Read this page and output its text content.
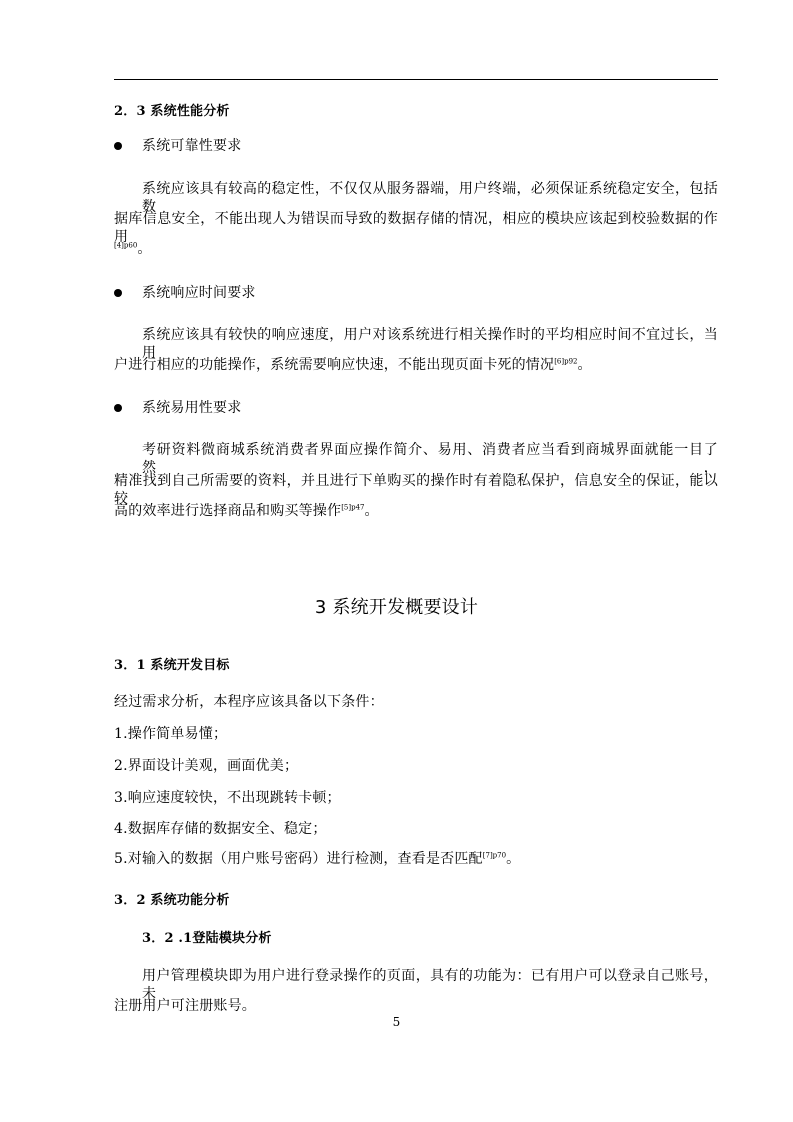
2．3 系统性能分析
系统可靠性要求
系统应该具有较高的稳定性，不仅仅从服务器端，用户终端，必须保证系统稳定安全，包括数
据库信息安全，不能出现人为错误而导致的数据存储的情况，相应的模块应该起到校验数据的作用
$^{[4]p60}$。
系统响应时间要求
系统应该具有较快的响应速度，用户对该系统进行相关操作时的平均相应时间不宜过长，当用
户进行相应的功能操作，系统需要响应快速，不能出现页面卡死的情况$^{[6]p92}$。
系统易用性要求
考研资料微商城系统消费者界面应操作简介、易用、消费者应当看到商城界面就能一目了然，
精准找到自己所需要的资料，并且进行下单购买的操作时有着隐私保护，信息安全的保证，能以较
高的效率进行选择商品和购买等操作$^{[5]p47}$。
3 系统开发概要设计
3．1 系统开发目标
经过需求分析，本程序应该具备以下条件：
1.操作简单易懂；
2.界面设计美观，画面优美；
3.响应速度较快，不出现跳转卡顿；
4.数据库存储的数据安全、稳定；
5.对输入的数据（用户账号密码）进行检测，查看是否匹配$^{[7]p70}$。
3．2 系统功能分析
3．2 .1登陆模块分析
用户管理模块即为用户进行登录操作的页面，具有的功能为：已有用户可以登录自己账号，未
注册用户可注册账号。
5
